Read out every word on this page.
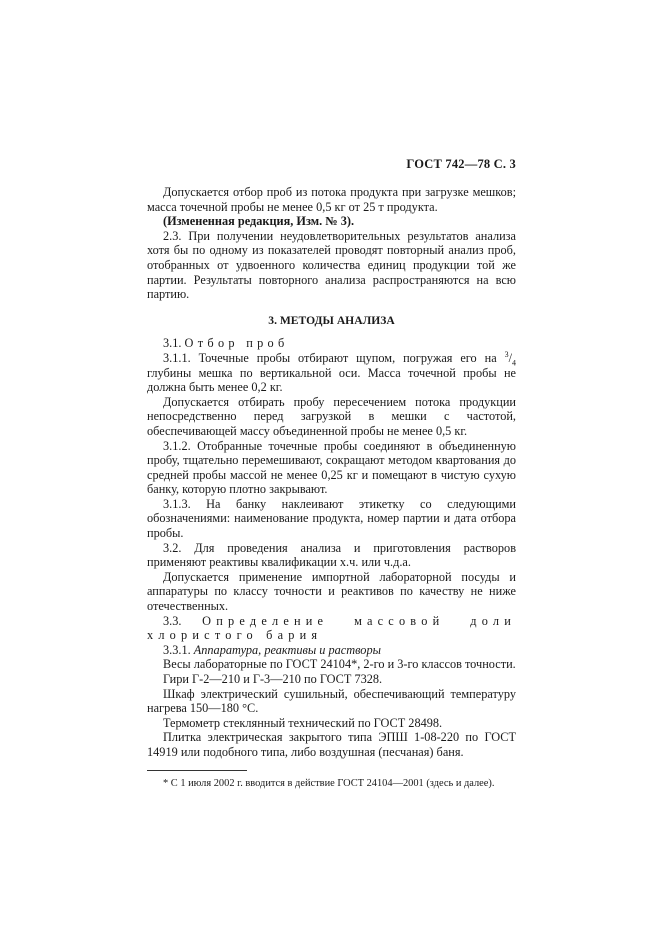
ГОСТ 742—78 С. 3

Допускается отбор проб из потока продукта при загрузке мешков; масса точечной пробы не менее 0,5 кг от 25 т продукта.

(Измененная редакция, Изм. № 3).

2.3. При получении неудовлетворительных результатов анализа хотя бы по одному из показателей проводят повторный анализ проб, отобранных от удвоенного количества единиц продукции той же партии. Результаты повторного анализа распространяются на всю партию.

3. МЕТОДЫ АНАЛИЗА

3.1. Отбор проб

3.1.1. Точечные пробы отбирают щупом, погружая его на $^3/_4$ глубины мешка по вертикальной оси. Масса точечной пробы не должна быть менее 0,2 кг.

Допускается отбирать пробу пересечением потока продукции непосредственно перед загрузкой в мешки с частотой, обеспечивающей массу объединенной пробы не менее 0,5 кг.

3.1.2. Отобранные точечные пробы соединяют в объединенную пробу, тщательно перемешивают, сокращают методом квартования до средней пробы массой не менее 0,25 кг и помещают в чистую сухую банку, которую плотно закрывают.

3.1.3. На банку наклеивают этикетку со следующими обозначениями: наименование продукта, номер партии и дата отбора пробы.

3.2. Для проведения анализа и приготовления растворов применяют реактивы квалификации х.ч. или ч.д.а.

Допускается применение импортной лабораторной посуды и аппаратуры по классу точности и реактивов по качеству не ниже отечественных.

3.3. Определение массовой доли хлористого бария

3.3.1. Аппаратура, реактивы и растворы

Весы лабораторные по ГОСТ 24104*, 2-го и 3-го классов точности.

Гири Г-2—210 и Г-3—210 по ГОСТ 7328.

Шкаф электрический сушильный, обеспечивающий температуру нагрева 150—180 °С.

Термометр стеклянный технический по ГОСТ 28498.

Плитка электрическая закрытого типа ЭПШ 1-08-220 по ГОСТ 14919 или подобного типа, либо воздушная (песчаная) баня.

* С 1 июля 2002 г. вводится в действие ГОСТ 24104—2001 (здесь и далее).
